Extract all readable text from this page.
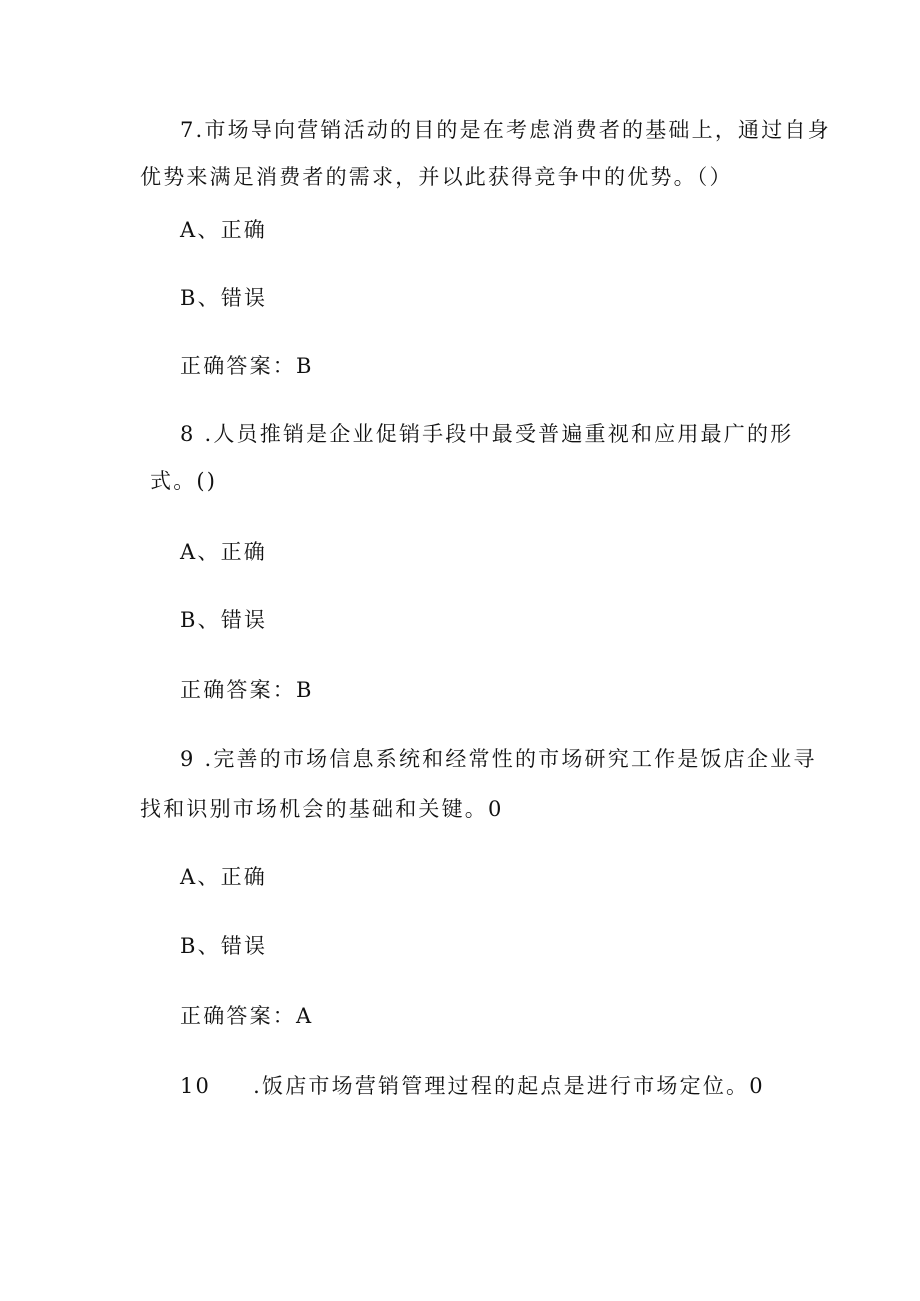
7.市场导向营销活动的目的是在考虑消费者的基础上，通过自身
优势来满足消费者的需求，并以此获得竞争中的优势。（）
A、正确
B、错误
正确答案：B
8 .人员推销是企业促销手段中最受普遍重视和应用最广的形
式。()
A、正确
B、错误
正确答案：B
9 .完善的市场信息系统和经常性的市场研究工作是饭店企业寻
找和识别市场机会的基础和关键。0
A、正确
B、错误
正确答案：A
10 .饭店市场营销管理过程的起点是进行市场定位。0
